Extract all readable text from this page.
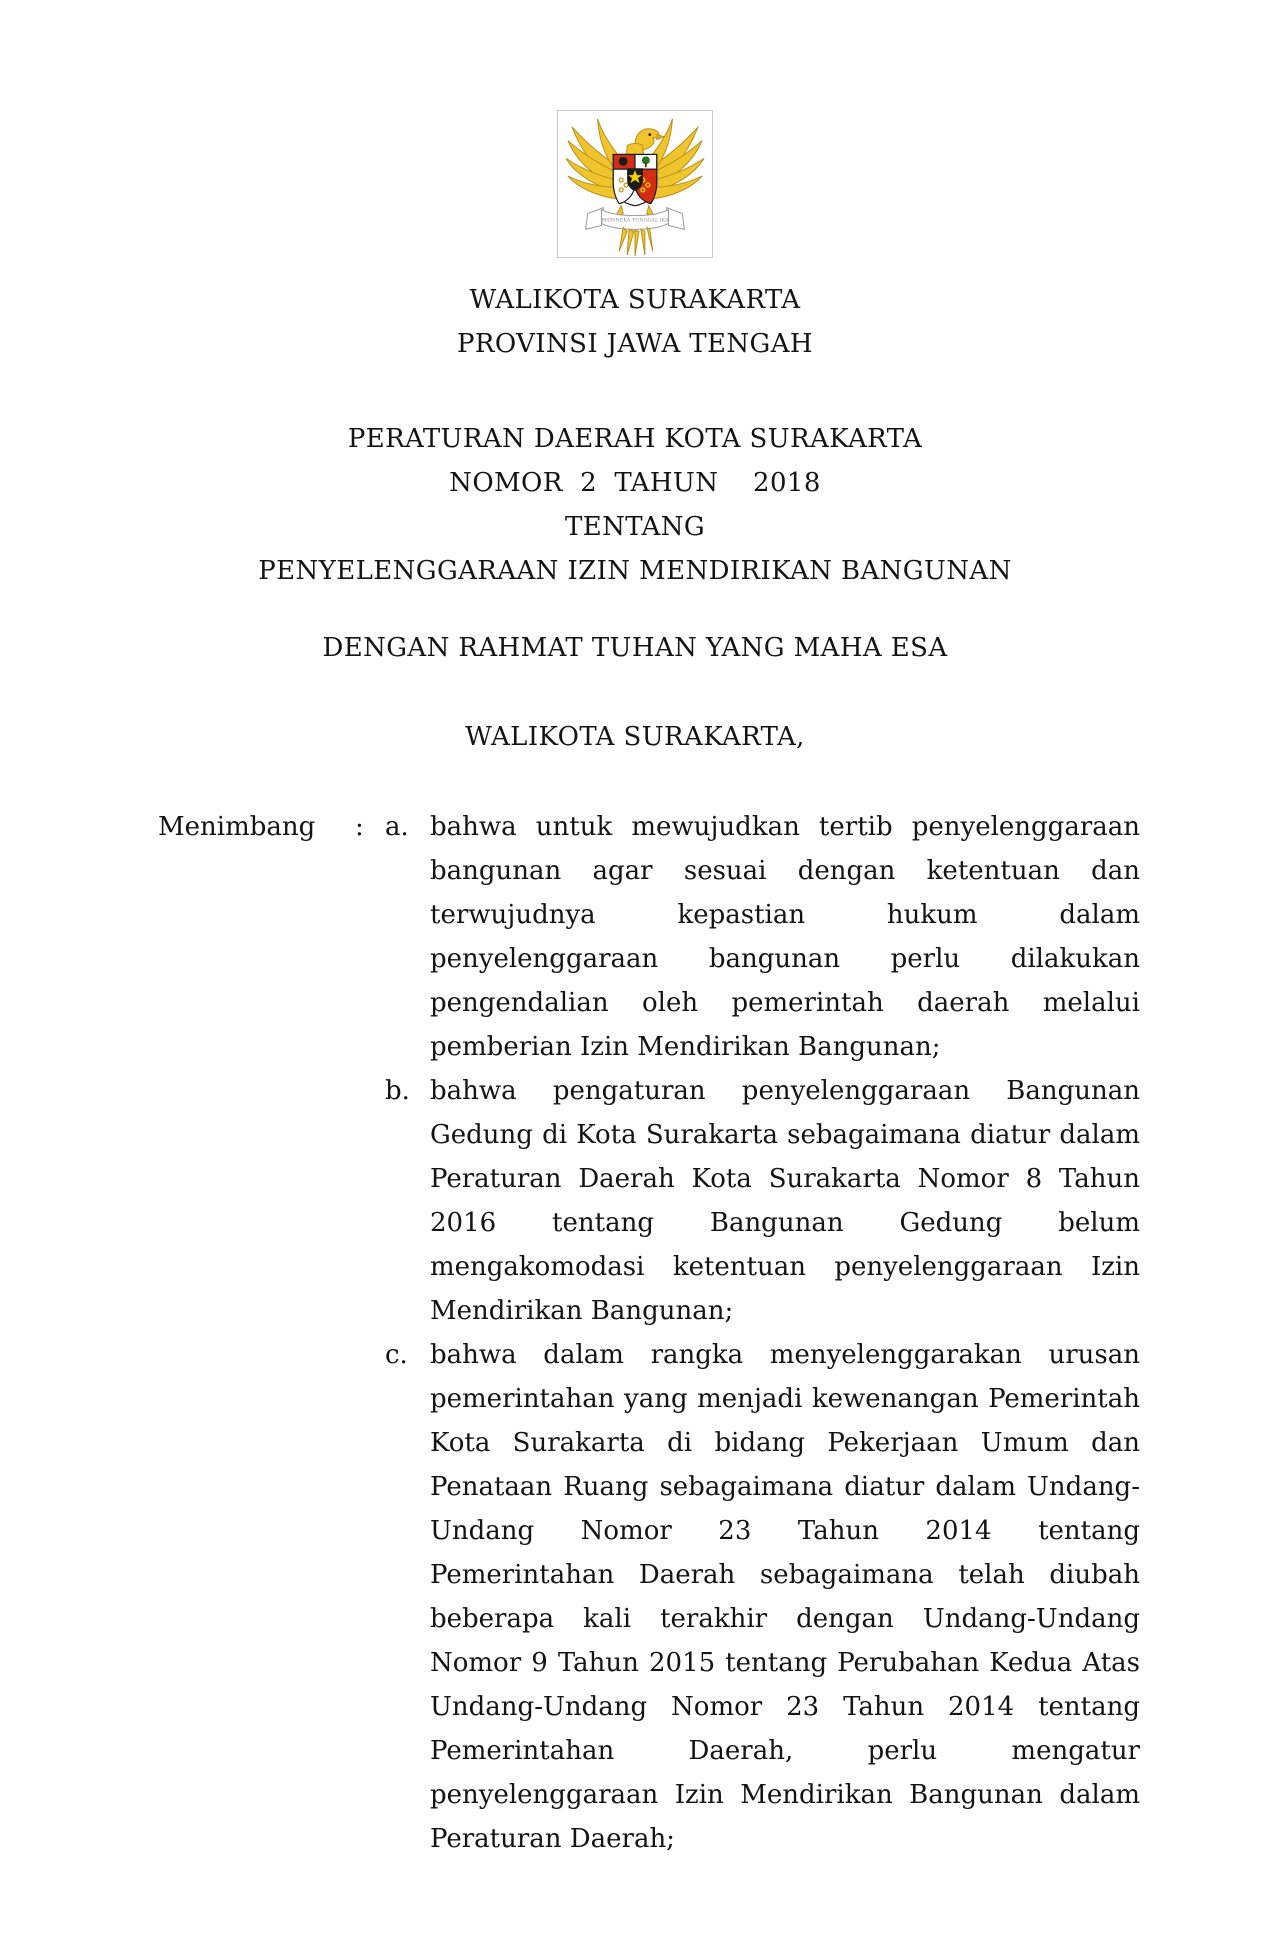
BHINNEKA TUNGGAL IKA
WALIKOTA SURAKARTA
PROVINSI JAWA TENGAH
PERATURAN DAERAH KOTA SURAKARTA
NOMOR  2  TAHUN    2018
TENTANG
PENYELENGGARAAN IZIN MENDIRIKAN BANGUNAN
DENGAN RAHMAT TUHAN YANG MAHA ESA
WALIKOTA SURAKARTA,
Menimbang	: a. bahwa untuk mewujudkan tertib penyelenggaraan bangunan agar sesuai dengan ketentuan dan terwujudnya kepastian hukum dalam penyelenggaraan bangunan perlu dilakukan pengendalian oleh pemerintah daerah melalui pemberian Izin Mendirikan Bangunan;
b. bahwa pengaturan penyelenggaraan Bangunan Gedung di Kota Surakarta sebagaimana diatur dalam Peraturan Daerah Kota Surakarta Nomor 8 Tahun 2016 tentang Bangunan Gedung belum mengakomodasi ketentuan penyelenggaraan Izin Mendirikan Bangunan;
c. bahwa dalam rangka menyelenggarakan urusan pemerintahan yang menjadi kewenangan Pemerintah Kota Surakarta di bidang Pekerjaan Umum dan Penataan Ruang sebagaimana diatur dalam Undang-Undang Nomor 23 Tahun 2014 tentang Pemerintahan Daerah sebagaimana telah diubah beberapa kali terakhir dengan Undang-Undang Nomor 9 Tahun 2015 tentang Perubahan Kedua Atas Undang-Undang Nomor 23 Tahun 2014 tentang Pemerintahan Daerah, perlu mengatur penyelenggaraan Izin Mendirikan Bangunan dalam Peraturan Daerah;
